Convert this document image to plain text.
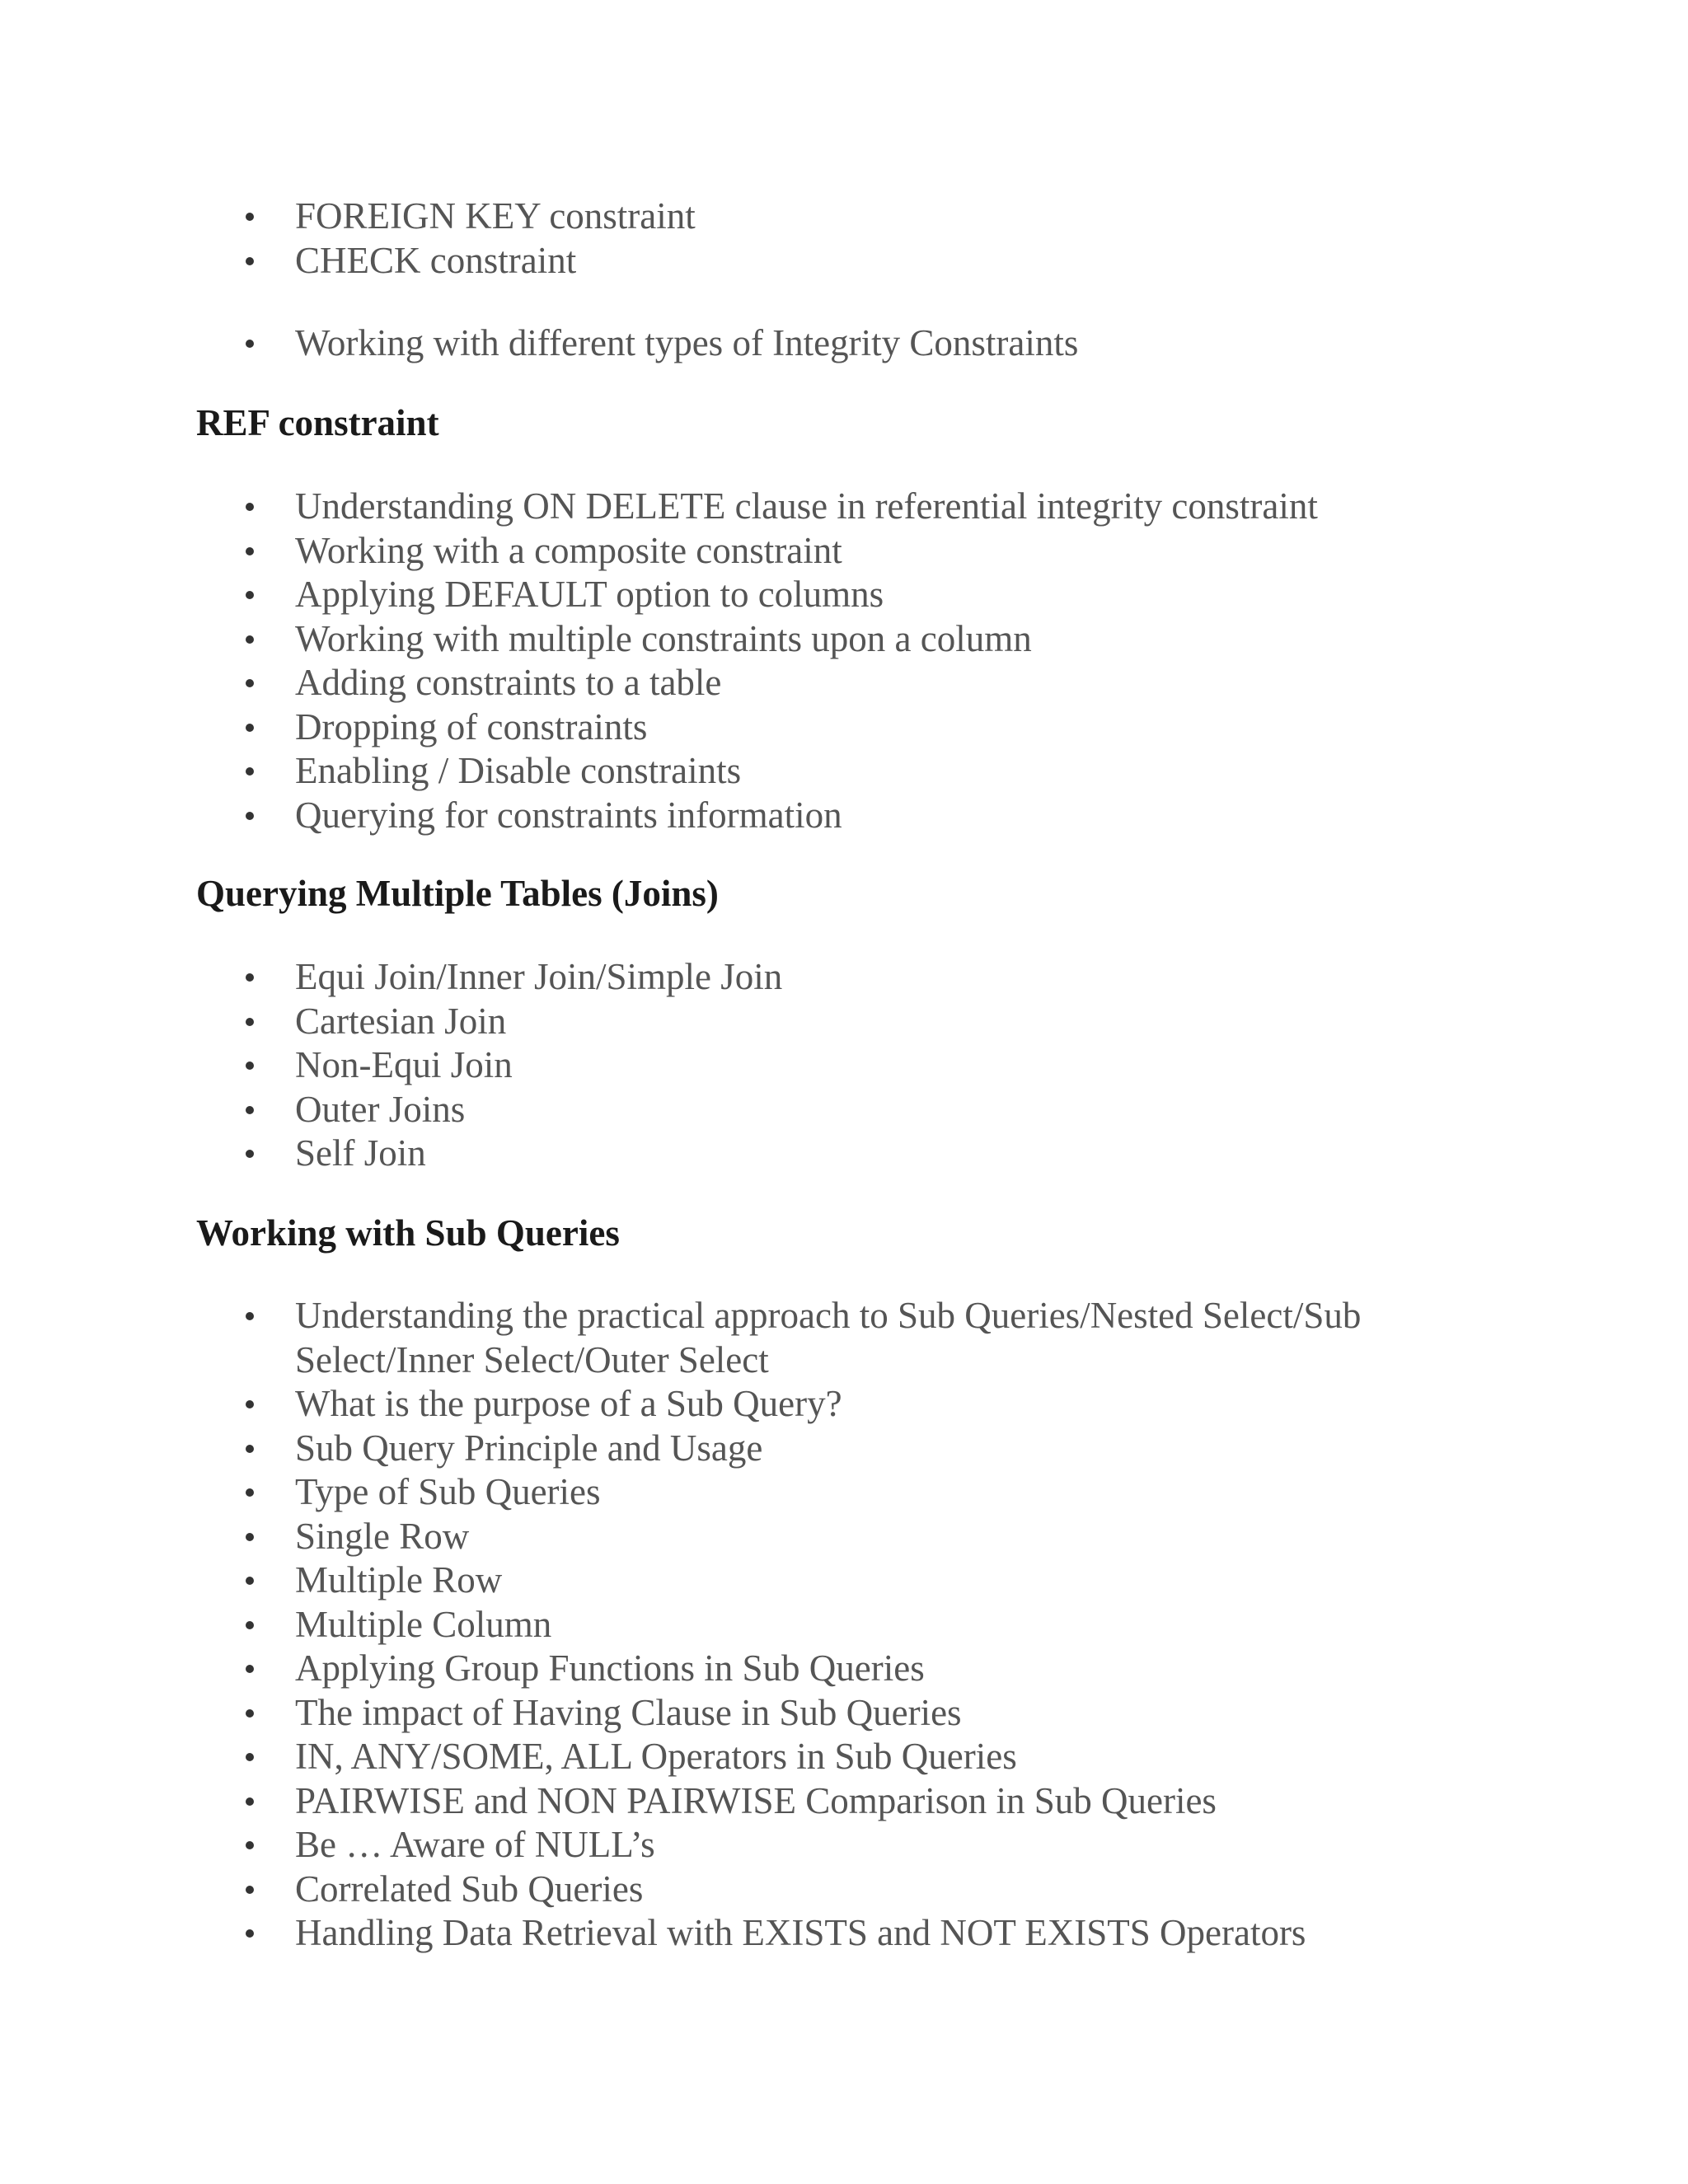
FOREIGN KEY constraint
CHECK constraint
Working with different types of Integrity Constraints
REF constraint
Understanding ON DELETE clause in referential integrity constraint
Working with a composite constraint
Applying DEFAULT option to columns
Working with multiple constraints upon a column
Adding constraints to a table
Dropping of constraints
Enabling / Disable constraints
Querying for constraints information
Querying Multiple Tables (Joins)
Equi Join/Inner Join/Simple Join
Cartesian Join
Non-Equi Join
Outer Joins
Self Join
Working with Sub Queries
Understanding the practical approach to Sub Queries/Nested Select/Sub Select/Inner Select/Outer Select
What is the purpose of a Sub Query?
Sub Query Principle and Usage
Type of Sub Queries
Single Row
Multiple Row
Multiple Column
Applying Group Functions in Sub Queries
The impact of Having Clause in Sub Queries
IN, ANY/SOME, ALL Operators in Sub Queries
PAIRWISE and NON PAIRWISE Comparison in Sub Queries
Be … Aware of NULL’s
Correlated Sub Queries
Handling Data Retrieval with EXISTS and NOT EXISTS Operators
